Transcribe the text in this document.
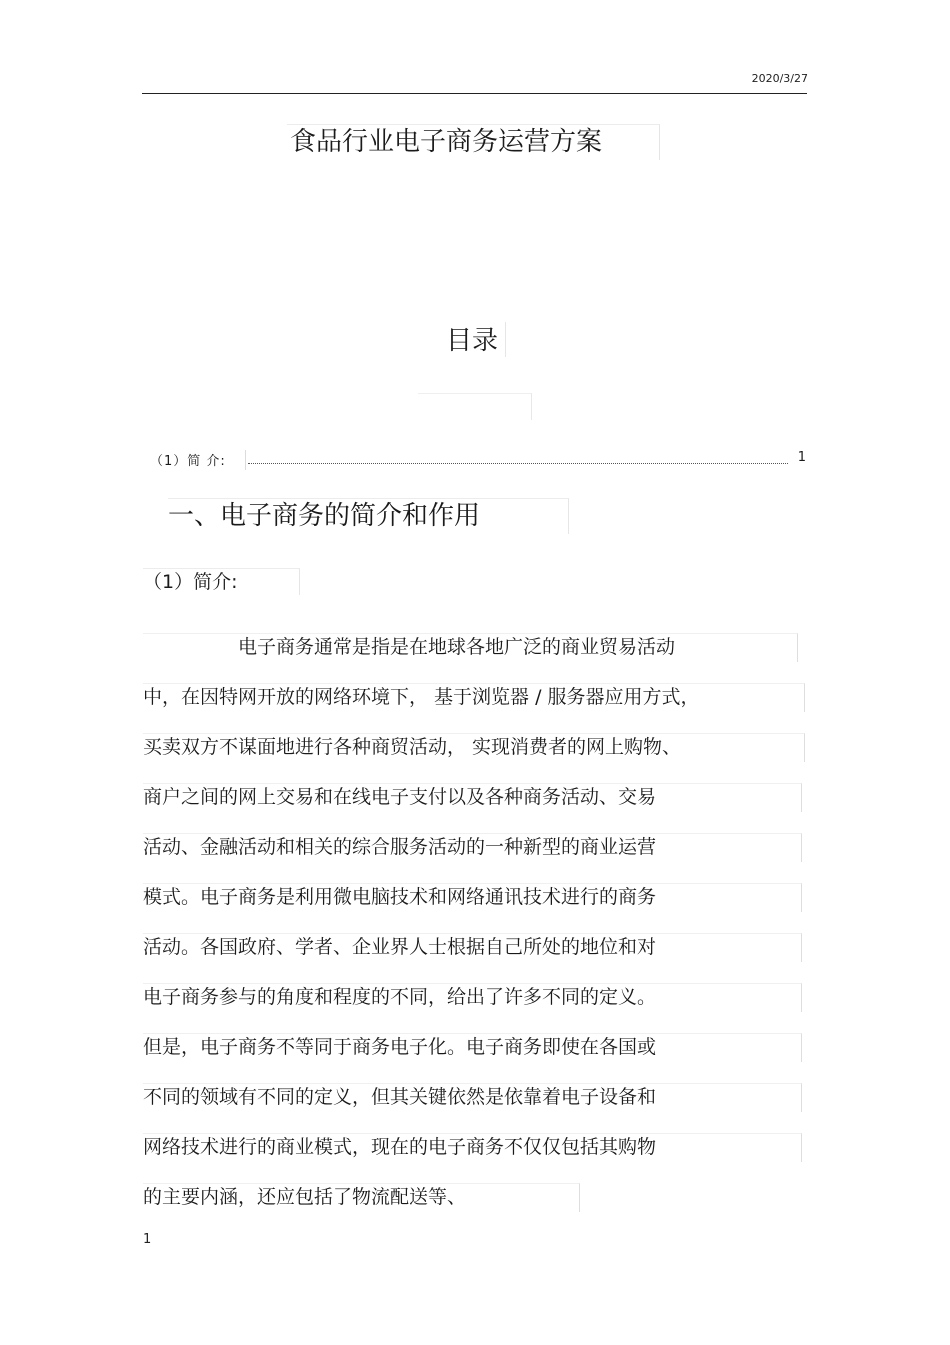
2020/3/27
食品行业电子商务运营方案
目录
（1）简 介:	1
一、电子商务的简介和作用
（1）简介:
电子商务通常是指是在地球各地广泛的商业贸易活动
中，在因特网开放的网络环境下， 基于浏览器 / 服务器应用方式，
买卖双方不谋面地进行各种商贸活动， 实现消费者的网上购物、
商户之间的网上交易和在线电子支付以及各种商务活动、交易
活动、金融活动和相关的综合服务活动的一种新型的商业运营
模式。电子商务是利用微电脑技术和网络通讯技术进行的商务
活动。各国政府、学者、企业界人士根据自己所处的地位和对
电子商务参与的角度和程度的不同，给出了许多不同的定义。
但是，电子商务不等同于商务电子化。电子商务即使在各国或
不同的领域有不同的定义，但其关键依然是依靠着电子设备和
网络技术进行的商业模式，现在的电子商务不仅仅包括其购物
的主要内涵，还应包括了物流配送等、
1
